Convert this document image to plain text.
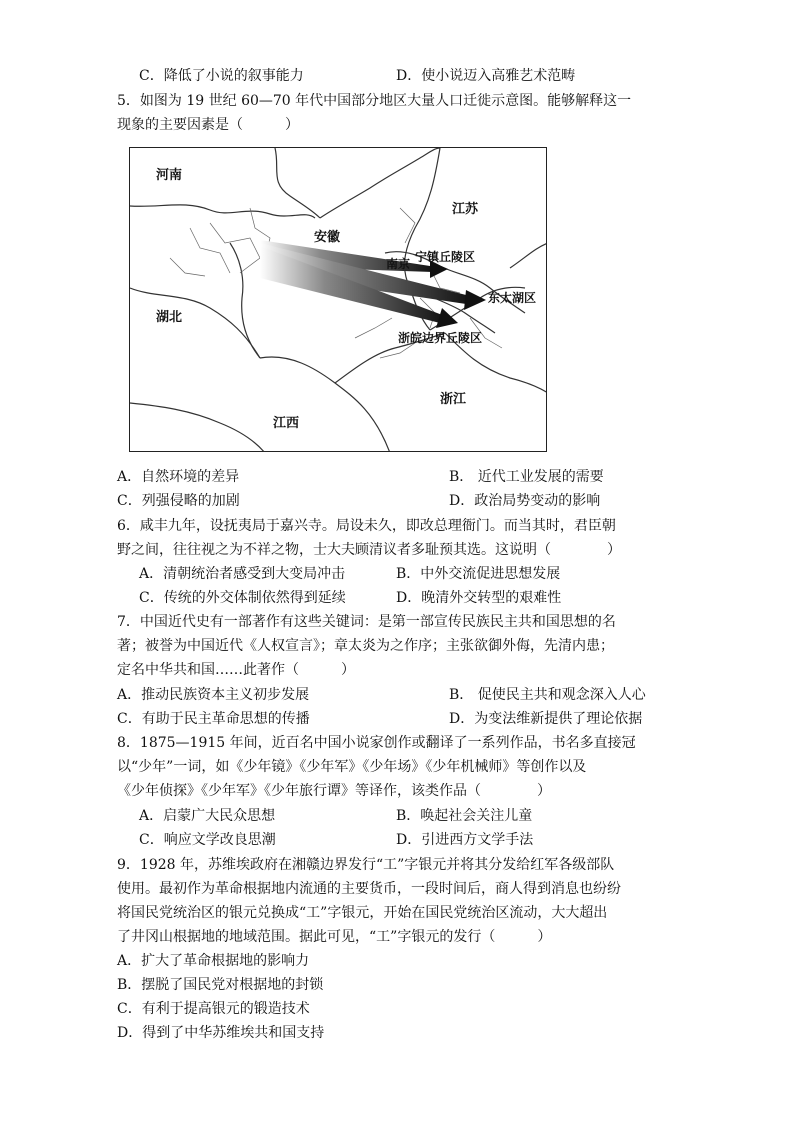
C．降低了小说的叙事能力	D．使小说迈入高雅艺术范畴
5．如图为 19 世纪 60—70 年代中国部分地区大量人口迁徙示意图。能够解释这一
现象的主要因素是（　　　）
河南
江苏
安徽
南京 宁镇丘陵区
东太湖区
湖北
浙皖边界丘陵区
浙江
江西
A．自然环境的差异	B． 近代工业发展的需要
C．列强侵略的加剧	D．政治局势变动的影响
6．咸丰九年，设抚夷局于嘉兴寺。局设未久，即改总理衙门。而当其时，君臣朝
野之间，往往视之为不祥之物，士大夫顾清议者多耻预其选。这说明（　　　　）
A．清朝统治者感受到大变局冲击	B．中外交流促进思想发展
C．传统的外交体制依然得到延续	D．晚清外交转型的艰难性
7．中国近代史有一部著作有这些关键词：是第一部宣传民族民主共和国思想的名
著；被誉为中国近代《人权宣言》；章太炎为之作序；主张欲御外侮，先清内患；
定名中华共和国……此著作（　　　）
A．推动民族资本主义初步发展	B． 促使民主共和观念深入人心
C．有助于民主革命思想的传播	D．为变法维新提供了理论依据
8．1875—1915 年间，近百名中国小说家创作或翻译了一系列作品，书名多直接冠
以“少年”一词，如《少年镜》《少年军》《少年场》《少年机械师》等创作以及
《少年侦探》《少年军》《少年旅行谭》等译作，该类作品（　　　　）
A．启蒙广大民众思想	B．唤起社会关注儿童
C．响应文学改良思潮	D．引进西方文学手法
9．1928 年，苏维埃政府在湘赣边界发行“工”字银元并将其分发给红军各级部队
使用。最初作为革命根据地内流通的主要货币，一段时间后，商人得到消息也纷纷
将国民党统治区的银元兑换成“工”字银元，开始在国民党统治区流动，大大超出
了井冈山根据地的地域范围。据此可见，“工”字银元的发行（　　　）
A．扩大了革命根据地的影响力
B．摆脱了国民党对根据地的封锁
C．有利于提高银元的锻造技术
D．得到了中华苏维埃共和国支持
